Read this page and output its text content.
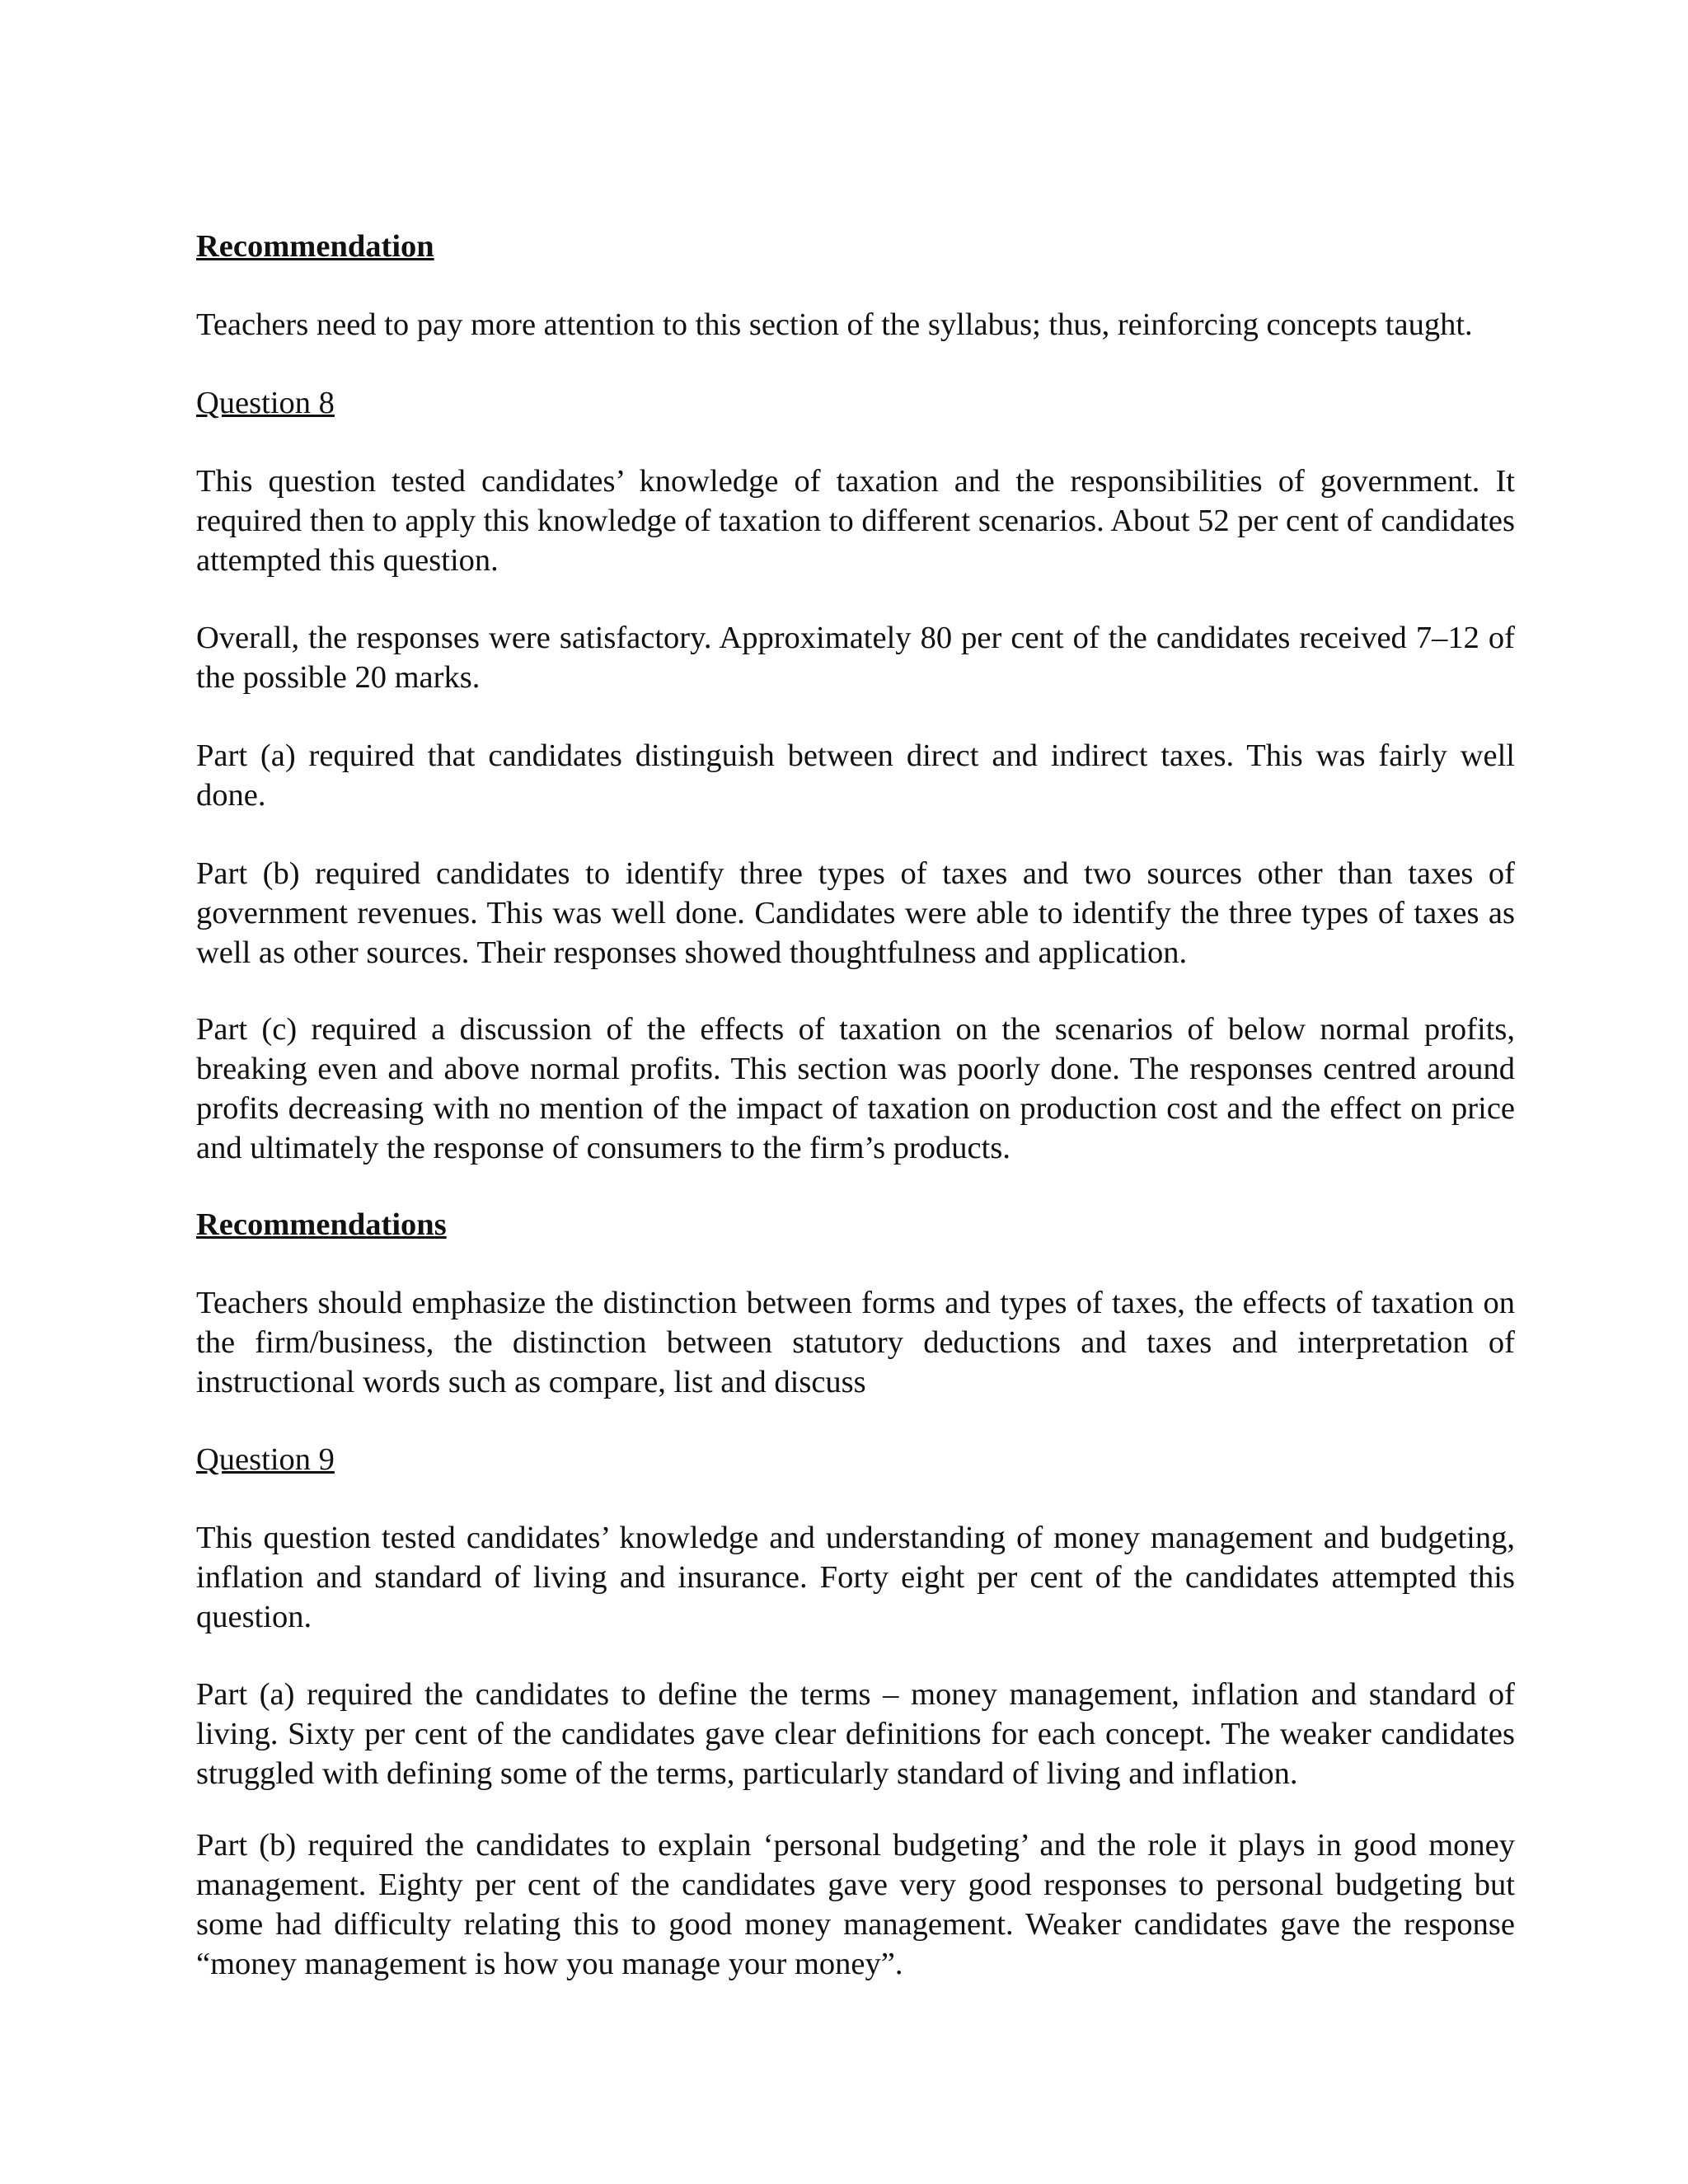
Recommendation

Teachers need to pay more attention to this section of the syllabus; thus, reinforcing concepts taught.

Question 8

This question tested candidates’ knowledge of taxation and the responsibilities of government. It required then to apply this knowledge of taxation to different scenarios. About 52 per cent of candidates attempted this question.

Overall, the responses were satisfactory. Approximately 80 per cent of the candidates received 7–12 of the possible 20 marks.

Part (a) required that candidates distinguish between direct and indirect taxes. This was fairly well done.

Part (b) required candidates to identify three types of taxes and two sources other than taxes of government revenues. This was well done. Candidates were able to identify the three types of taxes as well as other sources. Their responses showed thoughtfulness and application.

Part (c) required a discussion of the effects of taxation on the scenarios of below normal profits, breaking even and above normal profits. This section was poorly done. The responses centred around profits decreasing with no mention of the impact of taxation on production cost and the effect on price and ultimately the response of consumers to the firm’s products.

Recommendations

Teachers should emphasize the distinction between forms and types of taxes, the effects of taxation on the firm/business, the distinction between statutory deductions and taxes and interpretation of instructional words such as compare, list and discuss

Question 9

This question tested candidates’ knowledge and understanding of money management and budgeting, inflation and standard of living and insurance. Forty eight per cent of the candidates attempted this question.

Part (a) required the candidates to define the terms – money management, inflation and standard of living. Sixty per cent of the candidates gave clear definitions for each concept. The weaker candidates struggled with defining some of the terms, particularly standard of living and inflation.

Part (b) required the candidates to explain ‘personal budgeting’ and the role it plays in good money management. Eighty per cent of the candidates gave very good responses to personal budgeting but some had difficulty relating this to good money management. Weaker candidates gave the response “money management is how you manage your money”.
